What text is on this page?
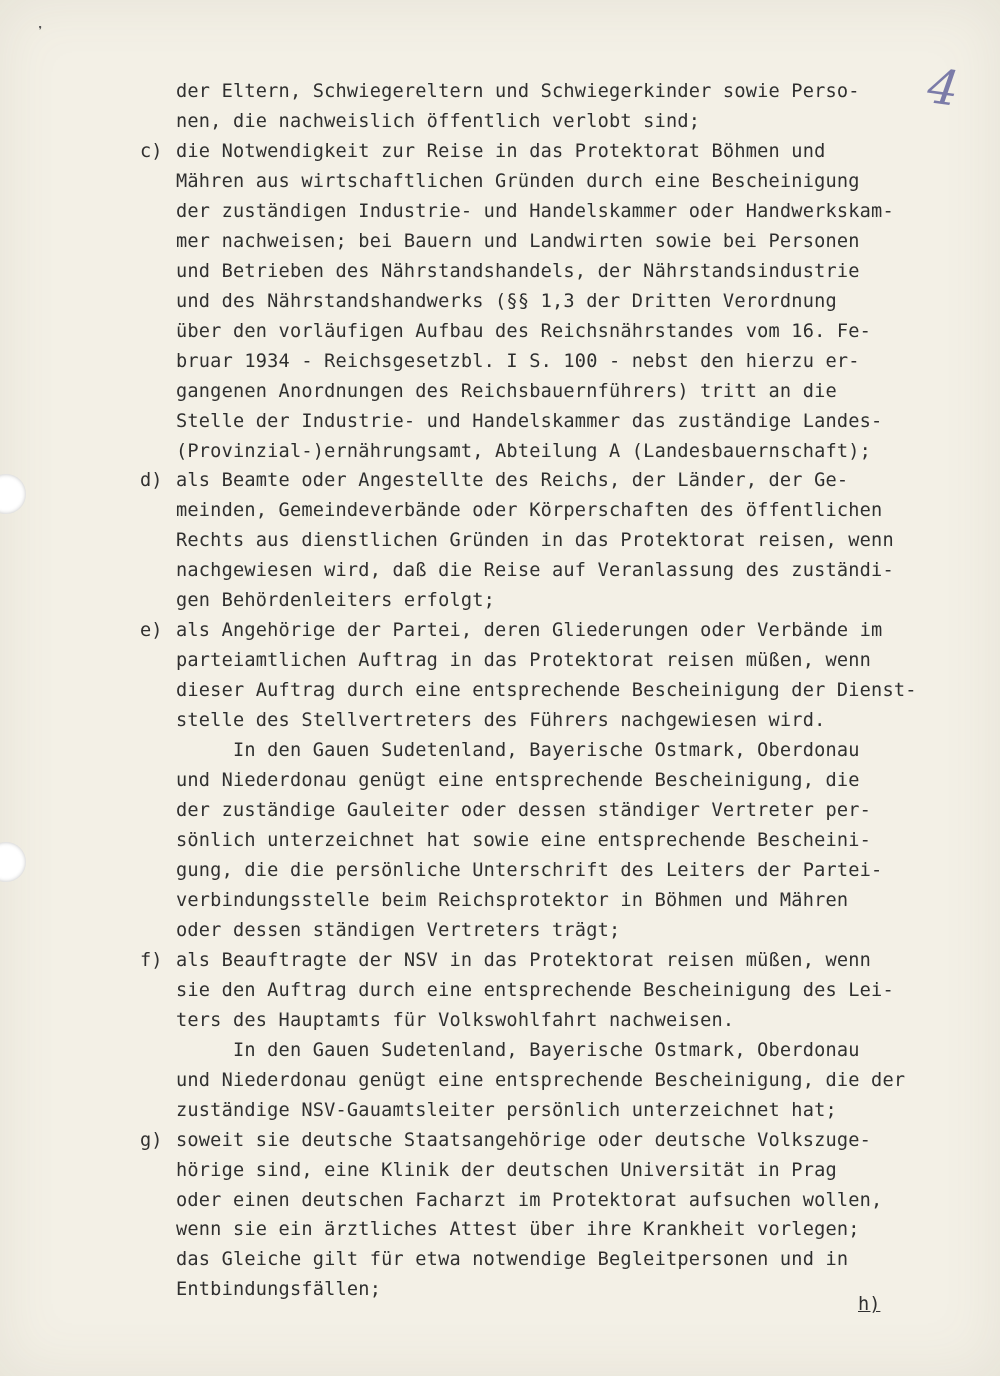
❜
4
der Eltern, Schwiegereltern und Schwiegerkinder sowie Perso-
nen, die nachweislich öffentlich verlobt sind;
c) die Notwendigkeit zur Reise in das Protektorat Böhmen und
Mähren aus wirtschaftlichen Gründen durch eine Bescheinigung
der zuständigen Industrie- und Handelskammer oder Handwerkskam-
mer nachweisen; bei Bauern und Landwirten sowie bei Personen
und Betrieben des Nährstandshandels, der Nährstandsindustrie
und des Nährstandshandwerks (§§ 1,3 der Dritten Verordnung
über den vorläufigen Aufbau des Reichsnährstandes vom 16. Fe-
bruar 1934 - Reichsgesetzbl. I S. 100 - nebst den hierzu er-
gangenen Anordnungen des Reichsbauernführers) tritt an die
Stelle der Industrie- und Handelskammer das zuständige Landes-
(Provinzial-)ernährungsamt, Abteilung A (Landesbauernschaft);
d) als Beamte oder Angestellte des Reichs, der Länder, der Ge-
meinden, Gemeindeverbände oder Körperschaften des öffentlichen
Rechts aus dienstlichen Gründen in das Protektorat reisen, wenn
nachgewiesen wird, daß die Reise auf Veranlassung des zuständi-
gen Behördenleiters erfolgt;
e) als Angehörige der Partei, deren Gliederungen oder Verbände im
parteiamtlichen Auftrag in das Protektorat reisen müßen, wenn
dieser Auftrag durch eine entsprechende Bescheinigung der Dienst-
stelle des Stellvertreters des Führers nachgewiesen wird.
In den Gauen Sudetenland, Bayerische Ostmark, Oberdonau
und Niederdonau genügt eine entsprechende Bescheinigung, die
der zuständige Gauleiter oder dessen ständiger Vertreter per-
sönlich unterzeichnet hat sowie eine entsprechende Bescheini-
gung, die die persönliche Unterschrift des Leiters der Partei-
verbindungsstelle beim Reichsprotektor in Böhmen und Mähren
oder dessen ständigen Vertreters trägt;
f) als Beauftragte der NSV in das Protektorat reisen müßen, wenn
sie den Auftrag durch eine entsprechende Bescheinigung des Lei-
ters des Hauptamts für Volkswohlfahrt nachweisen.
In den Gauen Sudetenland, Bayerische Ostmark, Oberdonau
und Niederdonau genügt eine entsprechende Bescheinigung, die der
zuständige NSV-Gauamtsleiter persönlich unterzeichnet hat;
g) soweit sie deutsche Staatsangehörige oder deutsche Volkszuge-
hörige sind, eine Klinik der deutschen Universität in Prag
oder einen deutschen Facharzt im Protektorat aufsuchen wollen,
wenn sie ein ärztliches Attest über ihre Krankheit vorlegen;
das Gleiche gilt für etwa notwendige Begleitpersonen und in
Entbindungsfällen;
h)
